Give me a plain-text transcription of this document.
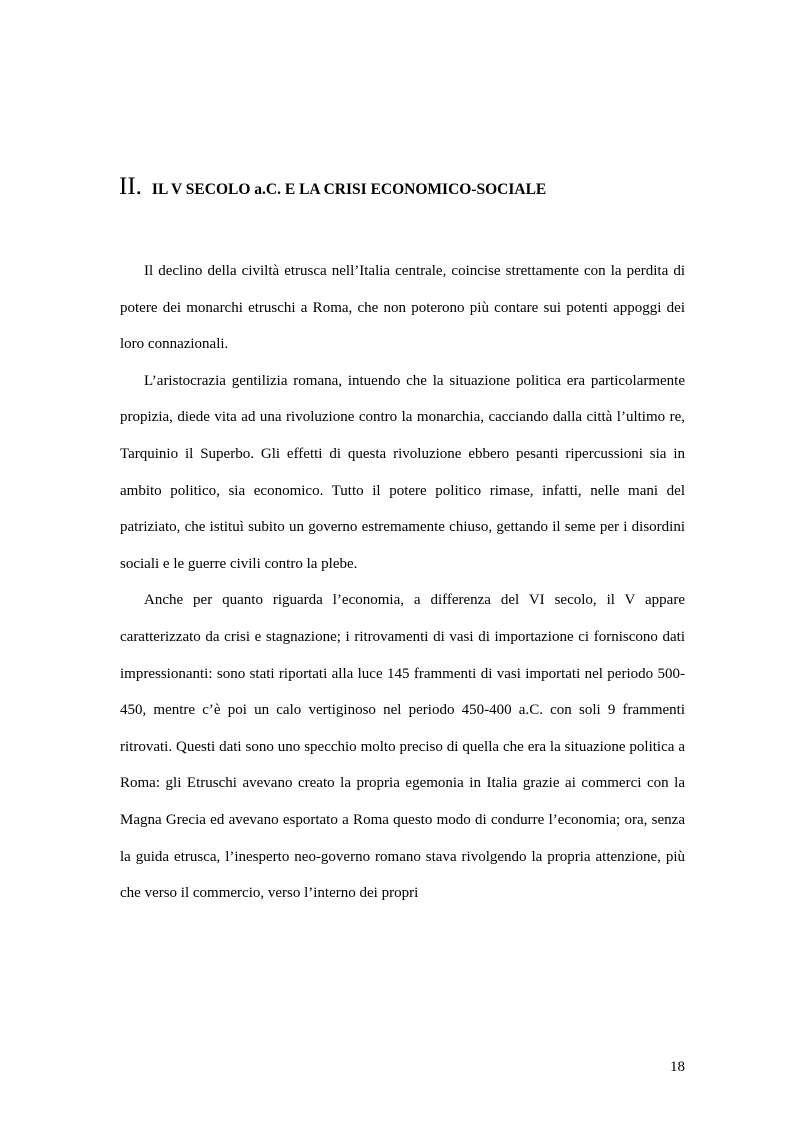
II. IL V SECOLO a.C. E LA CRISI ECONOMICO-SOCIALE

Il declino della civiltà etrusca nell’Italia centrale, coincise strettamente con la perdita di potere dei monarchi etruschi a Roma, che non poterono più contare sui potenti appoggi dei loro connazionali.

L’aristocrazia gentilizia romana, intuendo che la situazione politica era particolarmente propizia, diede vita ad una rivoluzione contro la monarchia, cacciando dalla città l’ultimo re, Tarquinio il Superbo. Gli effetti di questa rivoluzione ebbero pesanti ripercussioni sia in ambito politico, sia economico. Tutto il potere politico rimase, infatti, nelle mani del patriziato, che istituì subito un governo estremamente chiuso, gettando il seme per i disordini sociali e le guerre civili contro la plebe.

Anche per quanto riguarda l’economia, a differenza del VI secolo, il V appare caratterizzato da crisi e stagnazione; i ritrovamenti di vasi di importazione ci forniscono dati impressionanti: sono stati riportati alla luce 145 frammenti di vasi importati nel periodo 500-450, mentre c’è poi un calo vertiginoso nel periodo 450-400 a.C. con soli 9 frammenti ritrovati. Questi dati sono uno specchio molto preciso di quella che era la situazione politica a Roma: gli Etruschi avevano creato la propria egemonia in Italia grazie ai commerci con la Magna Grecia ed avevano esportato a Roma questo modo di condurre l’economia; ora, senza la guida etrusca, l’inesperto neo-governo romano stava rivolgendo la propria attenzione, più che verso il commercio, verso l’interno dei propri

18
